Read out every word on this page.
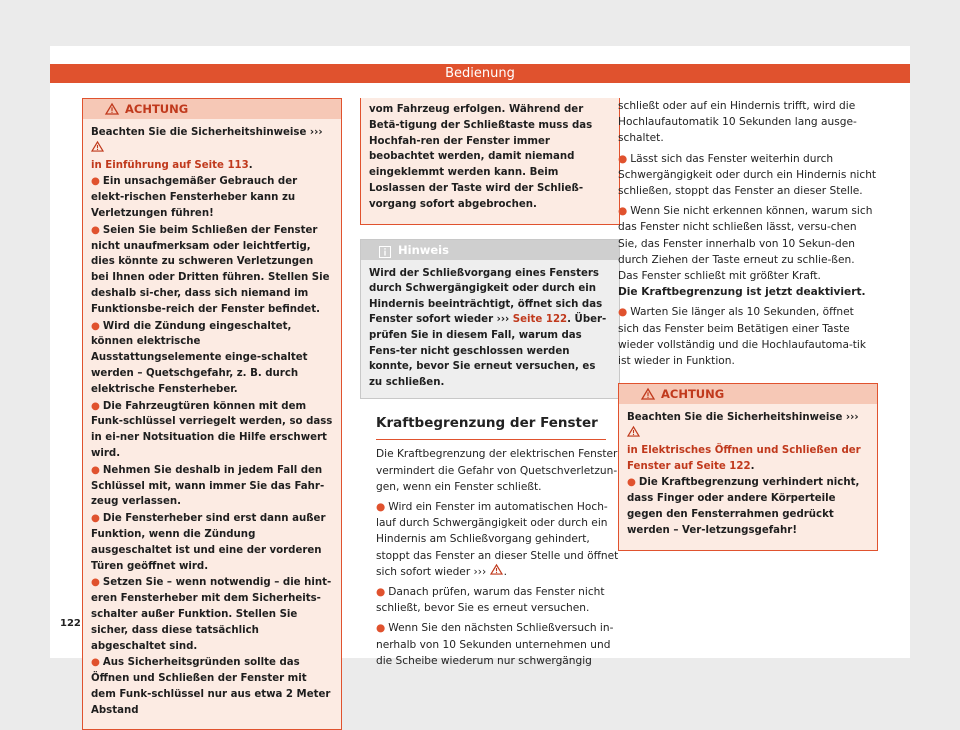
Bedienung
ACHTUNG

Beachten Sie die Sicherheitshinweise ›››

in Einführung auf Seite 113.

● Ein unsachgemäßer Gebrauch der elekt-rischen Fensterheber kann zu Verletzungen führen!

● Seien Sie beim Schließen der Fenster nicht unaufmerksam oder leichtfertig, dies könnte zu schweren Verletzungen bei Ihnen oder Dritten führen. Stellen Sie deshalb si-cher, dass sich niemand im Funktionsbe-reich der Fenster befindet.

● Wird die Zündung eingeschaltet, können elektrische Ausstattungselemente einge-schaltet werden – Quetschgefahr, z. B. durch elektrische Fensterheber.

● Die Fahrzeugtüren können mit dem Funk-schlüssel verriegelt werden, so dass in ei-ner Notsituation die Hilfe erschwert wird.

● Nehmen Sie deshalb in jedem Fall den Schlüssel mit, wann immer Sie das Fahr-zeug verlassen.

● Die Fensterheber sind erst dann außer Funktion, wenn die Zündung ausgeschaltet ist und eine der vorderen Türen geöffnet wird.

● Setzen Sie – wenn notwendig – die hint-eren Fensterheber mit dem Sicherheits-schalter außer Funktion. Stellen Sie sicher, dass diese tatsächlich abgeschaltet sind.

● Aus Sicherheitsgründen sollte das Öffnen und Schließen der Fenster mit dem Funk-schlüssel nur aus etwa 2 Meter Abstand

vom Fahrzeug erfolgen. Während der Betä-tigung der Schließtaste muss das Hochfah-ren der Fenster immer beobachtet werden, damit niemand eingeklemmt werden kann. Beim Loslassen der Taste wird der Schließ-vorgang sofort abgebrochen.

Hinweis
Wird der Schließvorgang eines Fensters durch Schwergängigkeit oder durch ein Hindernis beeinträchtigt, öffnet sich das Fenster sofort wieder ››› Seite 122. Über-prüfen Sie in diesem Fall, warum das Fens-ter nicht geschlossen werden konnte, bevor Sie erneut versuchen, es zu schließen.
Kraftbegrenzung der Fenster

Die Kraftbegrenzung der elektrischen Fenster vermindert die Gefahr von Quetschverletzun-gen, wenn ein Fenster schließt.

● Wird ein Fenster im automatischen Hoch-lauf durch Schwergängigkeit oder durch ein Hindernis am Schließvorgang gehindert, stoppt das Fenster an dieser Stelle und öffnet sich sofort wieder ››› .

● Danach prüfen, warum das Fenster nicht schließt, bevor Sie es erneut versuchen.

● Wenn Sie den nächsten Schließversuch in-nerhalb von 10 Sekunden unternehmen und die Scheibe wiederum nur schwergängig

schließt oder auf ein Hindernis trifft, wird die Hochlaufautomatik 10 Sekunden lang ausge-schaltet.

● Lässt sich das Fenster weiterhin durch Schwergängigkeit oder durch ein Hindernis nicht schließen, stoppt das Fenster an dieser Stelle.

● Wenn Sie nicht erkennen können, warum sich das Fenster nicht schließen lässt, versu-chen Sie, das Fenster innerhalb von 10 Sekun-den durch Ziehen der Taste erneut zu schlie-ßen. Das Fenster schließt mit größter Kraft.
Die Kraftbegrenzung ist jetzt deaktiviert.

● Warten Sie länger als 10 Sekunden, öffnet sich das Fenster beim Betätigen einer Taste wieder vollständig und die Hochlaufautoma-tik ist wieder in Funktion.

ACHTUNG

Beachten Sie die Sicherheitshinweise ›››

in Elektrisches Öffnen und Schließen der Fenster auf Seite 122.

● Die Kraftbegrenzung verhindert nicht, dass Finger oder andere Körperteile gegen den Fensterrahmen gedrückt werden – Ver-letzungsgefahr!

122
